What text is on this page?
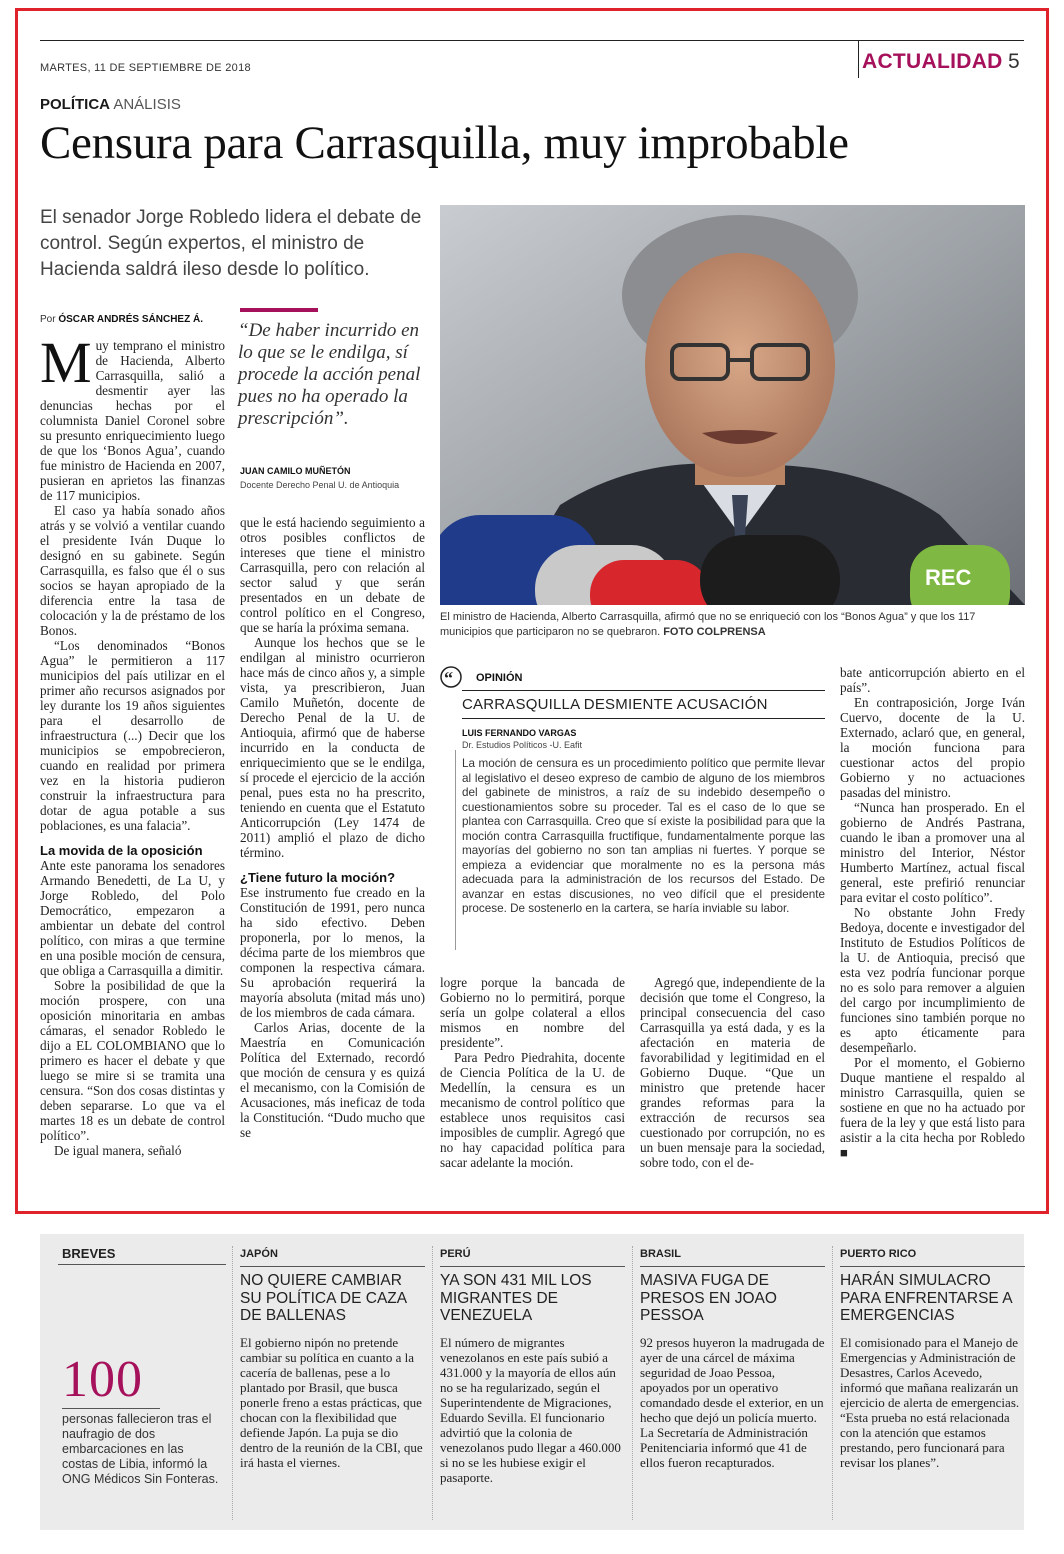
MARTES, 11 DE SEPTIEMBRE DE 2018	ACTUALIDAD 5
POLÍTICA ANÁLISIS
Censura para Carrasquilla, muy improbable
El senador Jorge Robledo lidera el debate de control. Según expertos, el ministro de Hacienda saldrá ileso desde lo político.
REC
El ministro de Hacienda, Alberto Carrasquilla, afirmó que no se enriqueció con los “Bonos Agua” y que los 117 municipios que participaron no se quebraron. FOTO COLPRENSA
Por ÓSCAR ANDRÉS SÁNCHEZ Á.

Muy temprano el ministro de Hacienda, Alberto Carrasquilla, salió a desmentir ayer las denuncias hechas por el columnista Daniel Coronel sobre su presunto enriquecimiento luego de que los ‘Bonos Agua’, cuando fue ministro de Hacienda en 2007, pusieran en aprietos las finanzas de 117 municipios.

El caso ya había sonado años atrás y se volvió a ventilar cuando el presidente Iván Duque lo designó en su gabinete. Según Carrasquilla, es falso que él o sus socios se hayan apropiado de la diferencia entre la tasa de colocación y la de préstamo de los Bonos.

“Los denominados “Bonos Agua” le permitieron a 117 municipios del país utilizar en el primer año recursos asignados por ley durante los 19 años siguientes para el desarrollo de infraestructura (...) Decir que los municipios se empobrecieron, cuando en realidad por primera vez en la historia pudieron construir la infraestructura para dotar de agua potable a sus poblaciones, es una falacia”.

La movida de la oposición

Ante este panorama los senadores Armando Benedetti, de La U, y Jorge Robledo, del Polo Democrático, empezaron a ambientar un debate del control político, con miras a que termine en una posible moción de censura, que obliga a Carrasquilla a dimitir.

Sobre la posibilidad de que la moción prospere, con una oposición minoritaria en ambas cámaras, el senador Robledo le dijo a EL COLOMBIANO que lo primero es hacer el debate y que luego se mire si se tramita una censura. “Son dos cosas distintas y deben separarse. Lo que va el martes 18 es un debate de control político”.

De igual manera, señaló

“De haber incurrido en lo que se le endilga, sí procede la acción penal pues no ha operado la prescripción”.
JUAN CAMILO MUÑETÓN
Docente Derecho Penal U. de Antioquia

que le está haciendo seguimiento a otros posibles conflictos de intereses que tiene el ministro Carrasquilla, pero con relación al sector salud y que serán presentados en un debate de control político en el Congreso, que se haría la próxima semana.

Aunque los hechos que se le endilgan al ministro ocurrieron hace más de cinco años y, a simple vista, ya prescribieron, Juan Camilo Muñetón, docente de Derecho Penal de la U. de Antioquia, afirmó que de haberse incurrido en la conducta de enriquecimiento que se le endilga, sí procede el ejercicio de la acción penal, pues esta no ha prescrito, teniendo en cuenta que el Estatuto Anticorrupción (Ley 1474 de 2011) amplió el plazo de dicho término.

¿Tiene futuro la moción?

Ese instrumento fue creado en la Constitución de 1991, pero nunca ha sido efectivo. Deben proponerla, por lo menos, la décima parte de los miembros que componen la respectiva cámara. Su aprobación requerirá la mayoría absoluta (mitad más uno) de los miembros de cada cámara.

Carlos Arias, docente de la Maestría en Comunicación Política del Externado, recordó que moción de censura y es quizá el mecanismo, con la Comisión de Acusaciones, más ineficaz de toda la Constitución. “Dudo mucho que se

“ OPINIÓN
CARRASQUILLA DESMIENTE ACUSACIÓN
LUIS FERNANDO VARGAS
Dr. Estudios Políticos -U. Eafit
La moción de censura es un procedimiento político que permite llevar al legislativo el deseo expreso de cambio de alguno de los miembros del gabinete de ministros, a raíz de su indebido desempeño o cuestionamientos sobre su proceder. Tal es el caso de lo que se plantea con Carrasquilla. Creo que sí existe la posibilidad para que la moción contra Carrasquilla fructifique, fundamentalmente porque las mayorías del gobierno no son tan amplias ni fuertes. Y porque se empieza a evidenciar que moralmente no es la persona más adecuada para la administración de los recursos del Estado. De avanzar en estas discusiones, no veo difícil que el presidente procese. De sostenerlo en la cartera, se haría inviable su labor.

logre porque la bancada de Gobierno no lo permitirá, porque sería un golpe colateral a ellos mismos en nombre del presidente”.

Para Pedro Piedrahita, docente de Ciencia Política de la U. de Medellín, la censura es un mecanismo de control político que establece unos requisitos casi imposibles de cumplir. Agregó que no hay capacidad política para sacar adelante la moción.

Agregó que, independiente de la decisión que tome el Congreso, la principal consecuencia del caso Carrasquilla ya está dada, y es la afectación en materia de favorabilidad y legitimidad en el Gobierno Duque. “Que un ministro que pretende hacer grandes reformas para la extracción de recursos sea cuestionado por corrupción, no es un buen mensaje para la sociedad, sobre todo, con el de-

bate anticorrupción abierto en el país”.

En contraposición, Jorge Iván Cuervo, docente de la U. Externado, aclaró que, en general, la moción funciona para cuestionar actos del propio Gobierno y no actuaciones pasadas del ministro.

“Nunca han prosperado. En el gobierno de Andrés Pastrana, cuando le iban a promover una al ministro del Interior, Néstor Humberto Martínez, actual fiscal general, este prefirió renunciar para evitar el costo político”.

No obstante John Fredy Bedoya, docente e investigador del Instituto de Estudios Políticos de la U. de Antioquia, precisó que esta vez podría funcionar porque no es solo para remover a alguien del cargo por incumplimiento de funciones sino también porque no es apto éticamente para desempeñarlo.

Por el momento, el Gobierno Duque mantiene el respaldo al ministro Carrasquilla, quien se sostiene en que no ha actuado por fuera de la ley y que está listo para asistir a la cita hecha por Robledo ■

BREVES
100
personas fallecieron tras el naufragio de dos embarcaciones en las costas de Libia, informó la ONG Médicos Sin Fonteras.
JAPÓN
NO QUIERE CAMBIAR SU POLÍTICA DE CAZA DE BALLENAS
El gobierno nipón no pretende cambiar su política en cuanto a la cacería de ballenas, pese a lo plantado por Brasil, que busca ponerle freno a estas prácticas, que chocan con la flexibilidad que defiende Japón. La puja se dio dentro de la reunión de la CBI, que irá hasta el viernes.
PERÚ
YA SON 431 MIL LOS MIGRANTES DE VENEZUELA
El número de migrantes venezolanos en este país subió a 431.000 y la mayoría de ellos aún no se ha regularizado, según el Superintendente de Migraciones, Eduardo Sevilla. El funcionario advirtió que la colonia de venezolanos pudo llegar a 460.000 si no se les hubiese exigir el pasaporte.
BRASIL
MASIVA FUGA DE PRESOS EN JOAO PESSOA
92 presos huyeron la madrugada de ayer de una cárcel de máxima seguridad de Joao Pessoa, apoyados por un operativo comandado desde el exterior, en un hecho que dejó un policía muerto. La Secretaría de Administración Penitenciaria informó que 41 de ellos fueron recapturados.
PUERTO RICO
HARÁN SIMULACRO PARA ENFRENTARSE A EMERGENCIAS
El comisionado para el Manejo de Emergencias y Administración de Desastres, Carlos Acevedo, informó que mañana realizarán un ejercicio de alerta de emergencias. “Esta prueba no está relacionada con la atención que estamos prestando, pero funcionará para revisar los planes”.
